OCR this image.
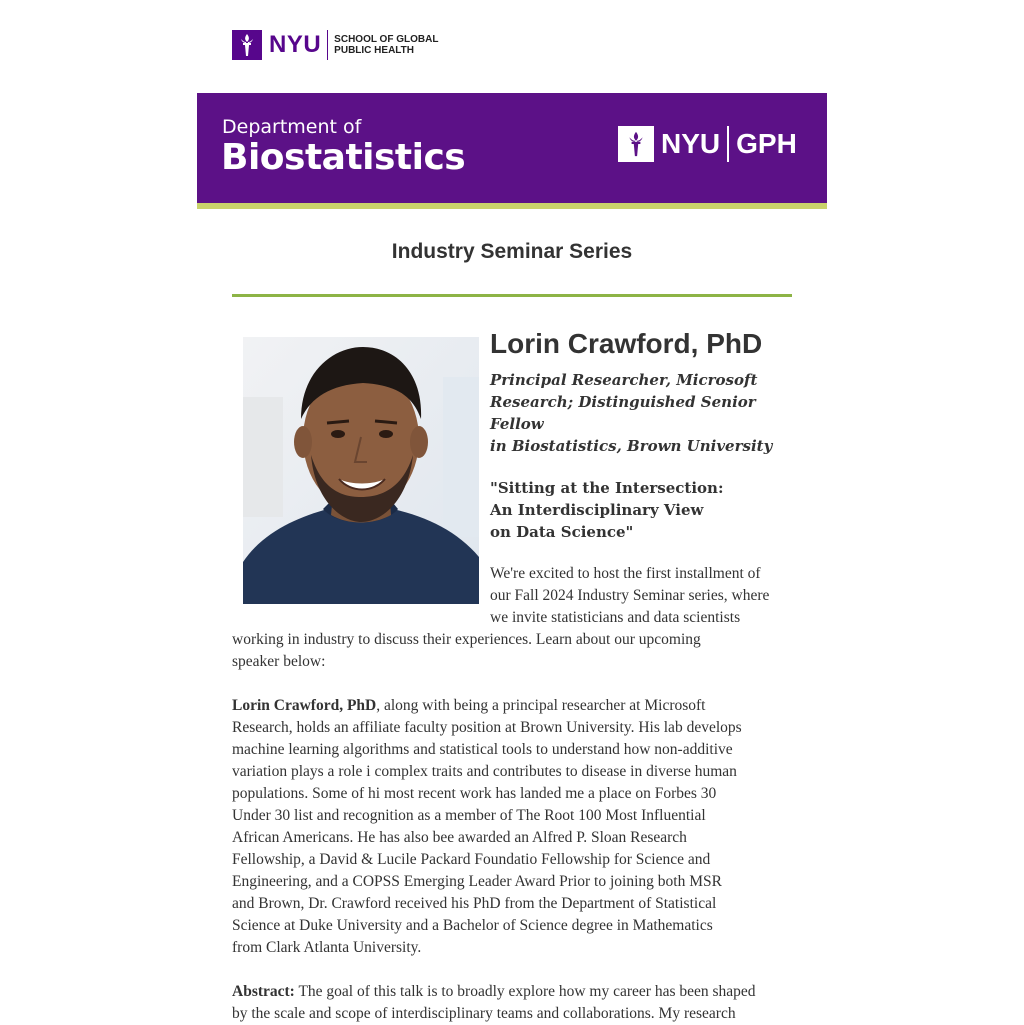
NYU SCHOOL OF GLOBAL
PUBLIC HEALTH
Department of
Biostatistics	NYU GPH
Industry Seminar Series
Lorin Crawford, PhD
Principal Researcher, Microsoft
Research; Distinguished Senior Fellow
in Biostatistics, Brown University
"Sitting at the Intersection:
An Interdisciplinary View
on Data Science"
We're excited to host the first installment of
our Fall 2024 Industry Seminar series, where
we invite statisticians and data scientists
working in industry to discuss their experiences. Learn about our upcoming
speaker below:
Lorin Crawford, PhD, along with being a principal researcher at Microsoft
Research, holds an affiliate faculty position at Brown University. His lab develops
machine learning algorithms and statistical tools to understand how non-additive
variation plays a role i complex traits and contributes to disease in diverse human
populations. Some of hi most recent work has landed me a place on Forbes 30
Under 30 list and recognition as a member of The Root 100 Most Influential
African Americans. He has also bee awarded an Alfred P. Sloan Research
Fellowship, a David & Lucile Packard Foundatio Fellowship for Science and
Engineering, and a COPSS Emerging Leader Award Prior to joining both MSR
and Brown, Dr. Crawford received his PhD from the Department of Statistical
Science at Duke University and a Bachelor of Science degree in Mathematics
from Clark Atlanta University.
Abstract: The goal of this talk is to broadly explore how my career has been shaped
by the scale and scope of interdisciplinary teams and collaborations. My research
